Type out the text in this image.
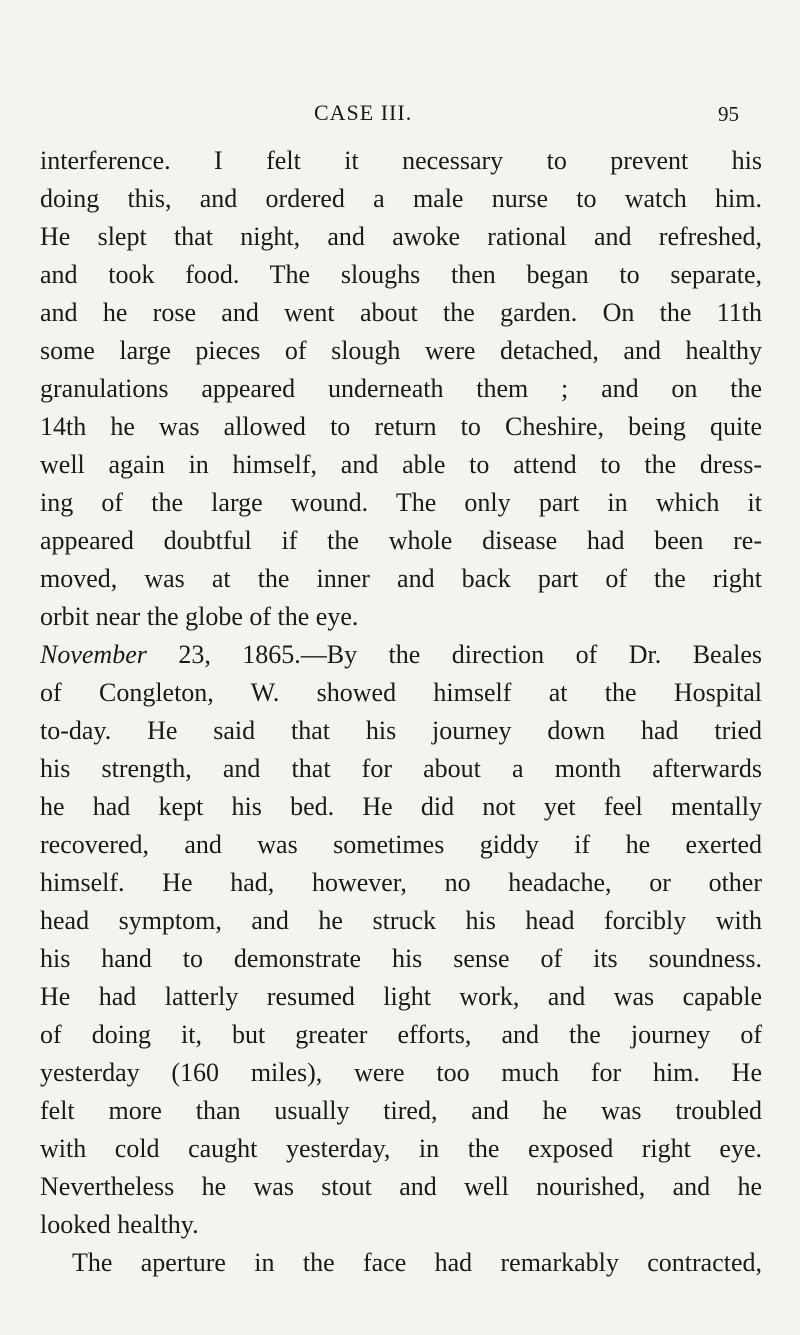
CASE III.	95
interference. I felt it necessary to prevent his
doing this, and ordered a male nurse to watch him.
He slept that night, and awoke rational and refreshed,
and took food. The sloughs then began to separate,
and he rose and went about the garden. On the 11th
some large pieces of slough were detached, and healthy
granulations appeared underneath them ; and on the
14th he was allowed to return to Cheshire, being quite
well again in himself, and able to attend to the dress-
ing of the large wound. The only part in which it
appeared doubtful if the whole disease had been re-
moved, was at the inner and back part of the right
orbit near the globe of the eye.
November 23, 1865.—By the direction of Dr. Beales
of Congleton, W. showed himself at the Hospital
to-day. He said that his journey down had tried
his strength, and that for about a month afterwards
he had kept his bed. He did not yet feel mentally
recovered, and was sometimes giddy if he exerted
himself. He had, however, no headache, or other
head symptom, and he struck his head forcibly with
his hand to demonstrate his sense of its soundness.
He had latterly resumed light work, and was capable
of doing it, but greater efforts, and the journey of
yesterday (160 miles), were too much for him. He
felt more than usually tired, and he was troubled
with cold caught yesterday, in the exposed right eye.
Nevertheless he was stout and well nourished, and he
looked healthy.
The aperture in the face had remarkably contracted,
